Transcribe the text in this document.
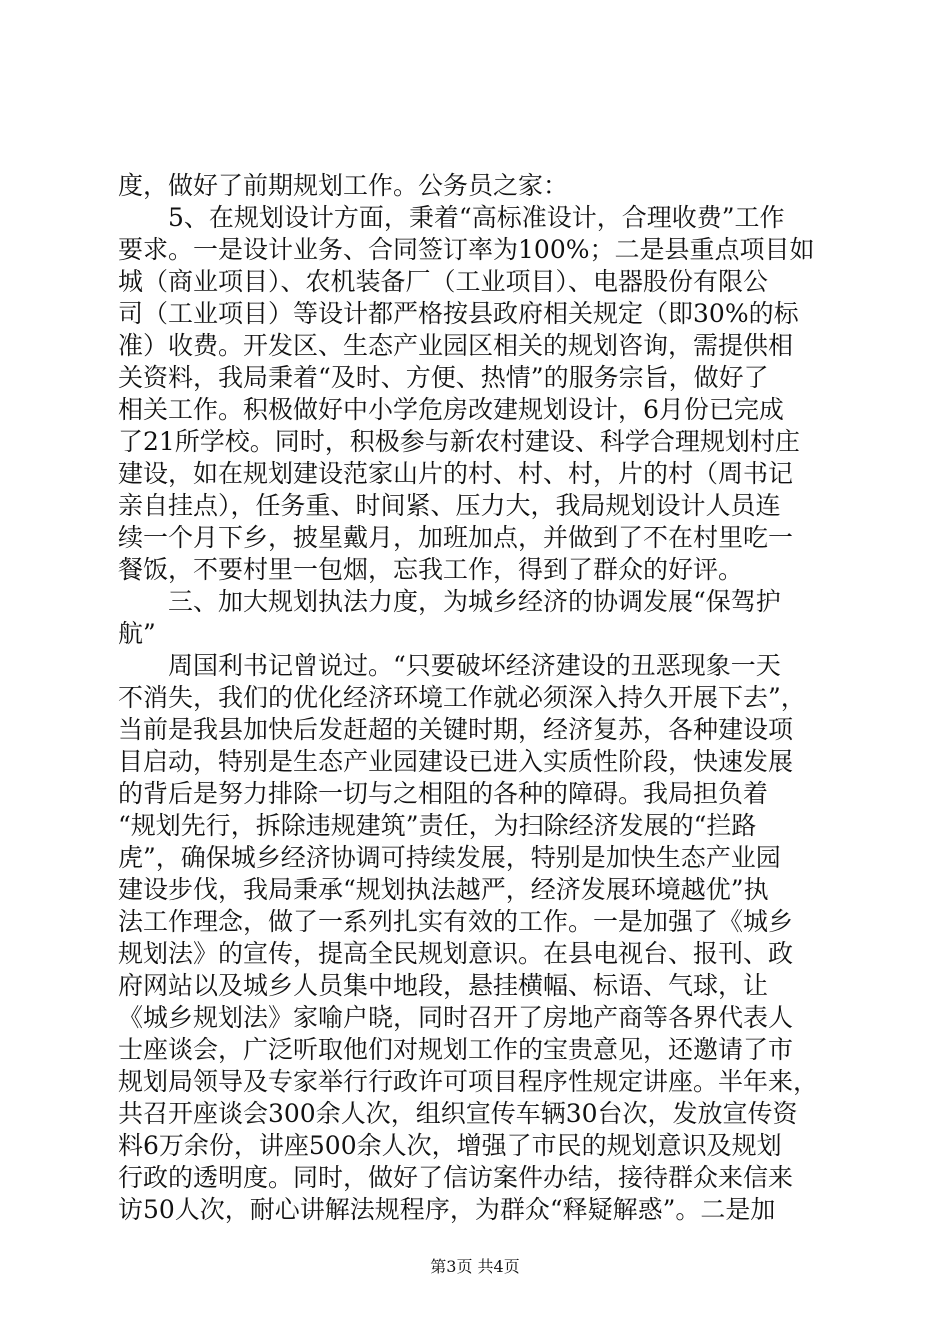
度，做好了前期规划工作。公务员之家：
　　5、在规划设计方面，秉着“高标准设计，合理收费”工作
要求。一是设计业务、合同签订率为100%；二是县重点项目如
城（商业项目）、农机装备厂（工业项目）、电器股份有限公
司（工业项目）等设计都严格按县政府相关规定（即30%的标
准）收费。开发区、生态产业园区相关的规划咨询，需提供相
关资料，我局秉着“及时、方便、热情”的服务宗旨，做好了
相关工作。积极做好中小学危房改建规划设计，6月份已完成
了21所学校。同时，积极参与新农村建设、科学合理规划村庄
建设，如在规划建设范家山片的村、村、村，片的村（周书记
亲自挂点），任务重、时间紧、压力大，我局规划设计人员连
续一个月下乡，披星戴月，加班加点，并做到了不在村里吃一
餐饭，不要村里一包烟，忘我工作，得到了群众的好评。
　　三、加大规划执法力度，为城乡经济的协调发展“保驾护
航”
　　周国利书记曾说过。“只要破坏经济建设的丑恶现象一天
不消失，我们的优化经济环境工作就必须深入持久开展下去”，
当前是我县加快后发赶超的关键时期，经济复苏，各种建设项
目启动，特别是生态产业园建设已进入实质性阶段，快速发展
的背后是努力排除一切与之相阻的各种的障碍。我局担负着
“规划先行，拆除违规建筑”责任，为扫除经济发展的“拦路
虎”，确保城乡经济协调可持续发展，特别是加快生态产业园
建设步伐，我局秉承“规划执法越严，经济发展环境越优”执
法工作理念，做了一系列扎实有效的工作。一是加强了《城乡
规划法》的宣传，提高全民规划意识。在县电视台、报刊、政
府网站以及城乡人员集中地段，悬挂横幅、标语、气球，让
《城乡规划法》家喻户晓，同时召开了房地产商等各界代表人
士座谈会，广泛听取他们对规划工作的宝贵意见，还邀请了市
规划局领导及专家举行行政许可项目程序性规定讲座。半年来，
共召开座谈会300余人次，组织宣传车辆30台次，发放宣传资
料6万余份，讲座500余人次，增强了市民的规划意识及规划
行政的透明度。同时，做好了信访案件办结，接待群众来信来
访50人次，耐心讲解法规程序，为群众“释疑解惑”。二是加
第3页 共4页
